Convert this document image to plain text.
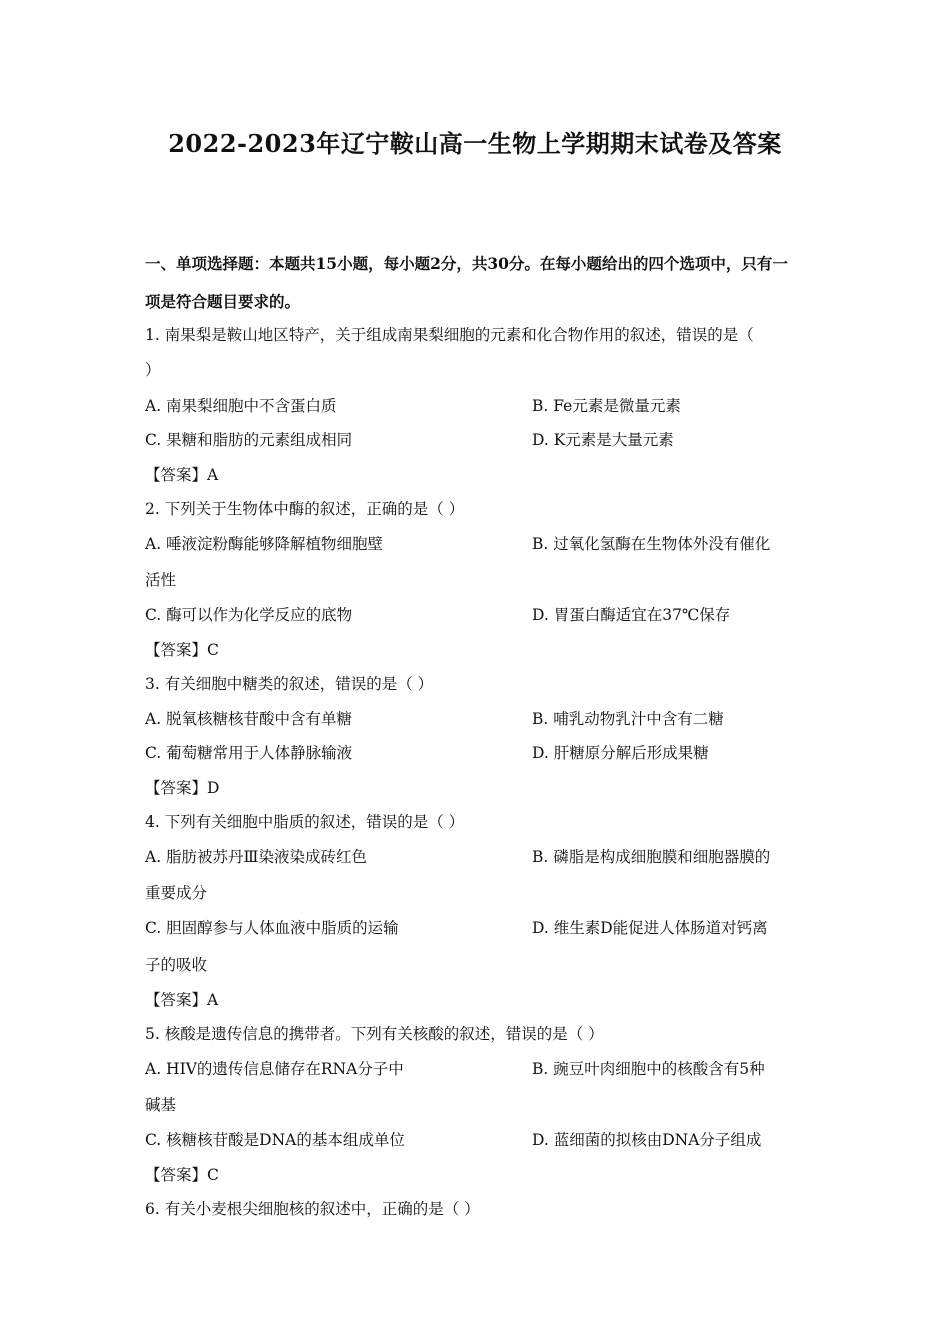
2022-2023年辽宁鞍山高一生物上学期期末试卷及答案
一、单项选择题：本题共15小题，每小题2分，共30分。在每小题给出的四个选项中，只有一
项是符合题目要求的。
1. 南果梨是鞍山地区特产，关于组成南果梨细胞的元素和化合物作用的叙述，错误的是（
）
A. 南果梨细胞中不含蛋白质	B. Fe元素是微量元素
C. 果糖和脂肪的元素组成相同	D. K元素是大量元素
【答案】A
2. 下列关于生物体中酶的叙述，正确的是（ ）
A. 唾液淀粉酶能够降解植物细胞壁	B. 过氧化氢酶在生物体外没有催化
活性
C. 酶可以作为化学反应的底物	D. 胃蛋白酶适宜在37℃保存
【答案】C
3. 有关细胞中糖类的叙述，错误的是（ ）
A. 脱氧核糖核苷酸中含有单糖	B. 哺乳动物乳汁中含有二糖
C. 葡萄糖常用于人体静脉输液	D. 肝糖原分解后形成果糖
【答案】D
4. 下列有关细胞中脂质的叙述，错误的是（ ）
A. 脂肪被苏丹Ⅲ染液染成砖红色	B. 磷脂是构成细胞膜和细胞器膜的
重要成分
C. 胆固醇参与人体血液中脂质的运输	D. 维生素D能促进人体肠道对钙离
子的吸收
【答案】A
5. 核酸是遗传信息的携带者。下列有关核酸的叙述，错误的是（ ）
A. HIV的遗传信息储存在RNA分子中	B. 豌豆叶肉细胞中的核酸含有5种
碱基
C. 核糖核苷酸是DNA的基本组成单位	D. 蓝细菌的拟核由DNA分子组成
【答案】C
6. 有关小麦根尖细胞核的叙述中，正确的是（ ）
